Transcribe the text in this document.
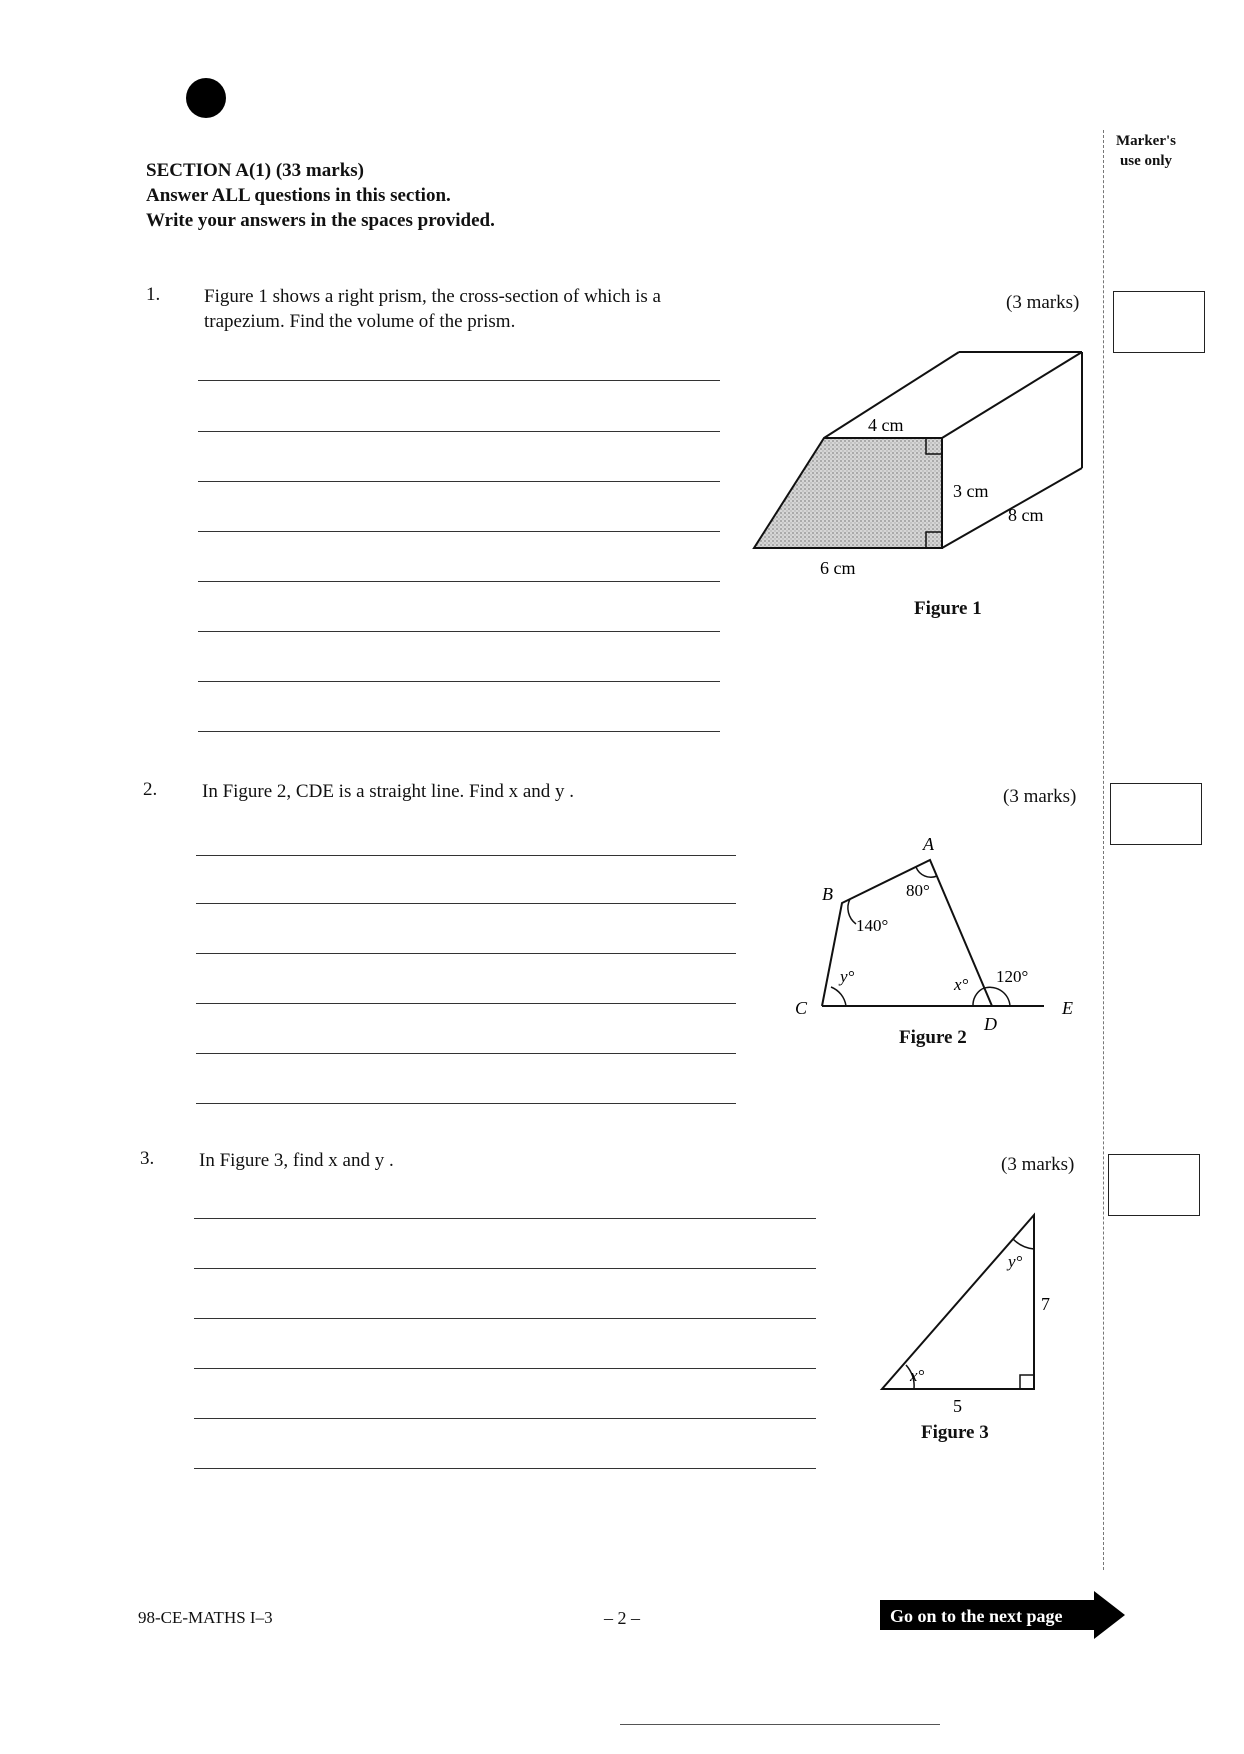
Marker's
use only
SECTION A(1) (33 marks)
Answer ALL questions in this section.
Write your answers in the spaces provided.
1. Figure 1 shows a right prism, the cross-section of which is a
trapezium. Find the volume of the prism.
(3 marks)
4 cm
3 cm
8 cm
6 cm
Figure 1
2. In Figure 2, CDE is a straight line. Find x and y .	(3 marks)
A
B
C
D
E
80°
140°
y°	x° 120°
Figure 2
3. In Figure 3, find x and y .	(3 marks)
x°
y°
7
5
Figure 3
98-CE-MATHS I–3	– 2 –	Go on to the next page
